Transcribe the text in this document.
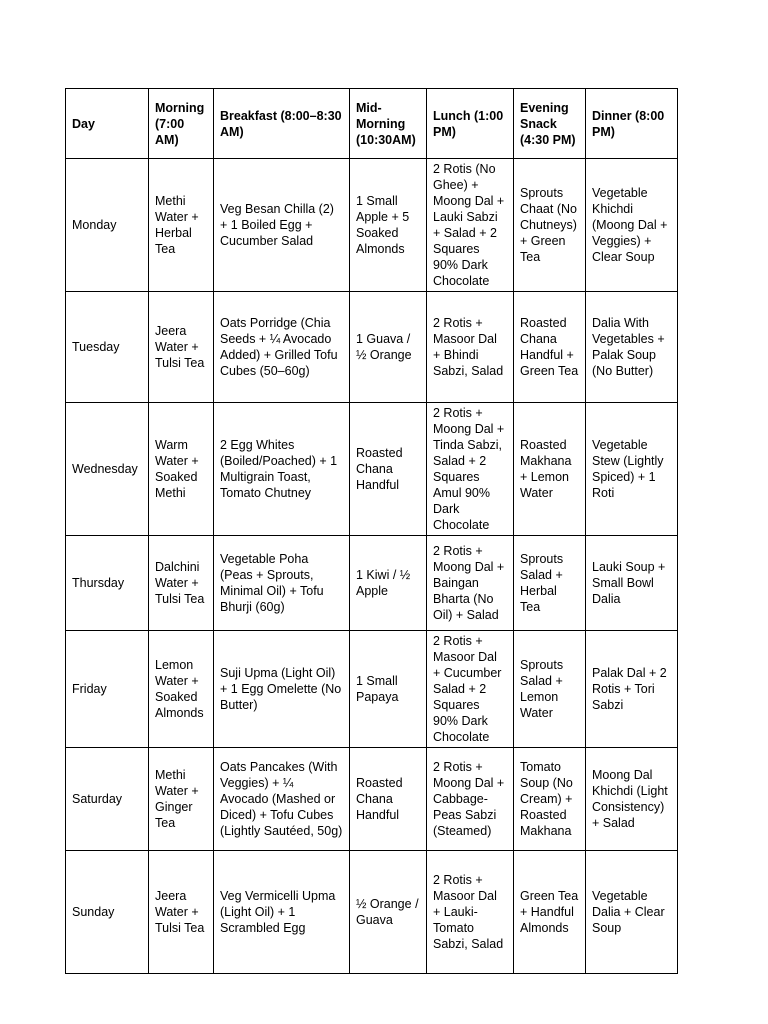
Day	Morning (7:00 AM)	Breakfast (8:00–8:30 AM)	Mid-Morning (10:30AM)	Lunch (1:00 PM)	Evening Snack (4:30 PM)	Dinner (8:00 PM)
Monday	Methi Water + Herbal Tea	Veg Besan Chilla (2) + 1 Boiled Egg + Cucumber Salad	1 Small Apple + 5 Soaked Almonds	2 Rotis (No Ghee) + Moong Dal + Lauki Sabzi + Salad + 2 Squares 90% Dark Chocolate	Sprouts Chaat (No Chutneys) + Green Tea	Vegetable Khichdi (Moong Dal + Veggies) + Clear Soup
Tuesday	Jeera Water + Tulsi Tea	Oats Porridge (Chia Seeds + ¼ Avocado Added) + Grilled Tofu Cubes (50–60g)	1 Guava / ½ Orange	2 Rotis + Masoor Dal + Bhindi Sabzi, Salad	Roasted Chana Handful + Green Tea	Dalia With Vegetables + Palak Soup (No Butter)
Wednesday	Warm Water + Soaked Methi	2 Egg Whites (Boiled/Poached) + 1 Multigrain Toast, Tomato Chutney	Roasted Chana Handful	2 Rotis + Moong Dal + Tinda Sabzi, Salad + 2 Squares Amul 90% Dark Chocolate	Roasted Makhana + Lemon Water	Vegetable Stew (Lightly Spiced) + 1 Roti
Thursday	Dalchini Water + Tulsi Tea	Vegetable Poha (Peas + Sprouts, Minimal Oil) + Tofu Bhurji (60g)	1 Kiwi / ½ Apple	2 Rotis + Moong Dal + Baingan Bharta (No Oil) + Salad	Sprouts Salad + Herbal Tea	Lauki Soup + Small Bowl Dalia
Friday	Lemon Water + Soaked Almonds	Suji Upma (Light Oil) + 1 Egg Omelette (No Butter)	1 Small Papaya	2 Rotis + Masoor Dal + Cucumber Salad + 2 Squares 90% Dark Chocolate	Sprouts Salad + Lemon Water	Palak Dal + 2 Rotis + Tori Sabzi
Saturday	Methi Water + Ginger Tea	Oats Pancakes (With Veggies) + ¼ Avocado (Mashed or Diced) + Tofu Cubes (Lightly Sautéed, 50g)	Roasted Chana Handful	2 Rotis + Moong Dal + Cabbage-Peas Sabzi (Steamed)	Tomato Soup (No Cream) + Roasted Makhana	Moong Dal Khichdi (Light Consistency) + Salad
Sunday	Jeera Water + Tulsi Tea	Veg Vermicelli Upma (Light Oil) + 1 Scrambled Egg	½ Orange / Guava	2 Rotis + Masoor Dal + Lauki-Tomato Sabzi, Salad	Green Tea + Handful Almonds	Vegetable Dalia + Clear Soup
